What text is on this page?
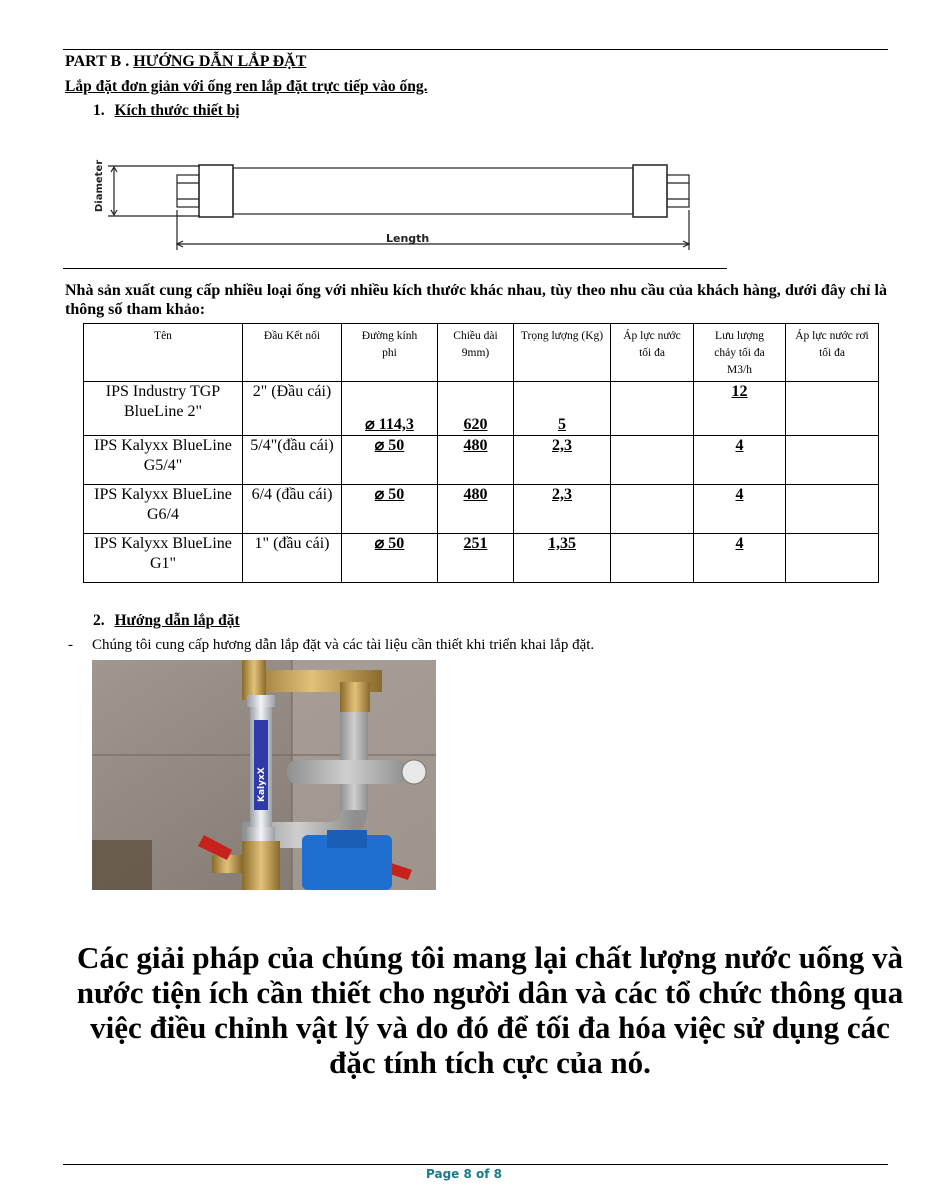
PART B . HƯỚNG DẪN LẮP ĐẶT
Lắp đặt đơn giản với ống ren lắp đặt trực tiếp vào ống.
1. Kích thước thiết bị
Diameter
Length
Nhà sản xuất cung cấp nhiều loại ống với nhiều kích thước khác nhau, tùy theo nhu cầu của khách hàng, dưới đây chỉ là thông số tham khảo:
Tên	Đầu Kết nối	Đường kính phi	Chiều dài 9mm)	Trọng lượng (Kg)	Áp lực nước tối đa	Lưu lượng chảy tối đa M3/h	Áp lực nước rơi tối đa

IPS Industry TGP BlueLine 2"	2" (Đầu cái)	⌀ 114,3	620	5		12	
IPS Kalyxx BlueLine G5/4"	5/4"(đầu cái)	⌀ 50	480	2,3		4	
IPS Kalyxx BlueLine G6/4	6/4 (đầu cái)	⌀ 50	480	2,3		4	
IPS Kalyxx BlueLine G1"	1" (đầu cái)	⌀ 50	251	1,35		4	
2. Hướng dẫn lắp đặt
- Chúng tôi cung cấp hương dẫn lắp đặt và các tài liệu cần thiết khi triển khai lắp đặt.
KalyxX
Các giải pháp của chúng tôi mang lại chất lượng nước uống và nước tiện ích cần thiết cho người dân và các tổ chức thông qua việc điều chỉnh vật lý và do đó để tối đa hóa việc sử dụng các đặc tính tích cực của nó.
Page 8 of 8
